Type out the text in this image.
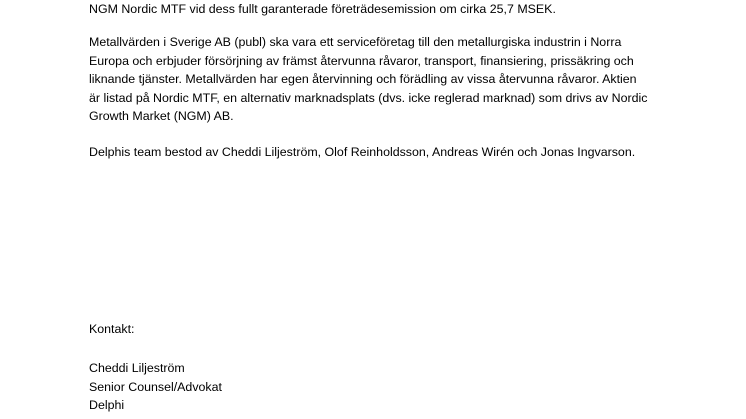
NGM Nordic MTF vid dess fullt garanterade företrädesemission om cirka 25,7 MSEK.

Metallvärden i Sverige AB (publ) ska vara ett serviceföretag till den metallurgiska industrin i Norra
Europa och erbjuder försörjning av främst återvunna råvaror, transport, finansiering, prissäkring och
liknande tjänster. Metallvärden har egen återvinning och förädling av vissa återvunna råvaror. Aktien
är listad på Nordic MTF, en alternativ marknadsplats (dvs. icke reglerad marknad) som drivs av Nordic
Growth Market (NGM) AB.

Delphis team bestod av Cheddi Liljeström, Olof Reinholdsson, Andreas Wirén och Jonas Ingvarson.

Kontakt:

Cheddi Liljeström
Senior Counsel/Advokat
Delphi
